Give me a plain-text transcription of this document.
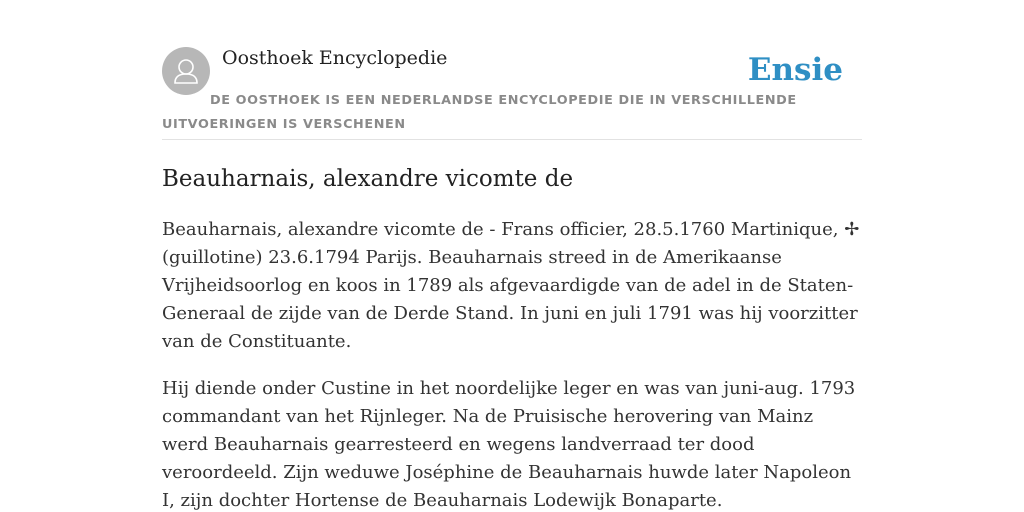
Oosthoek Encyclopedie	Ensie
DE OOSTHOEK IS EEN NEDERLANDSE ENCYCLOPEDIE DIE IN VERSCHILLENDE UITVOERINGEN IS VERSCHENEN
Beauharnais, alexandre vicomte de

Beauharnais, alexandre vicomte de - Frans officier, 28.5.1760 Martinique, ✢ (guillotine) 23.6.1794 Parijs. Beauharnais streed in de Amerikaanse Vrijheidsoorlog en koos in 1789 als afgevaardigde van de adel in de Staten-Generaal de zijde van de Derde Stand. In juni en juli 1791 was hij voorzitter van de Constituante.

Hij diende onder Custine in het noordelijke leger en was van juni-aug. 1793 commandant van het Rijnleger. Na de Pruisische herovering van Mainz werd Beauharnais gearresteerd en wegens landverraad ter dood veroordeeld. Zijn weduwe Joséphine de Beauharnais huwde later Napoleon I, zijn dochter Hortense de Beauharnais Lodewijk Bonaparte.
